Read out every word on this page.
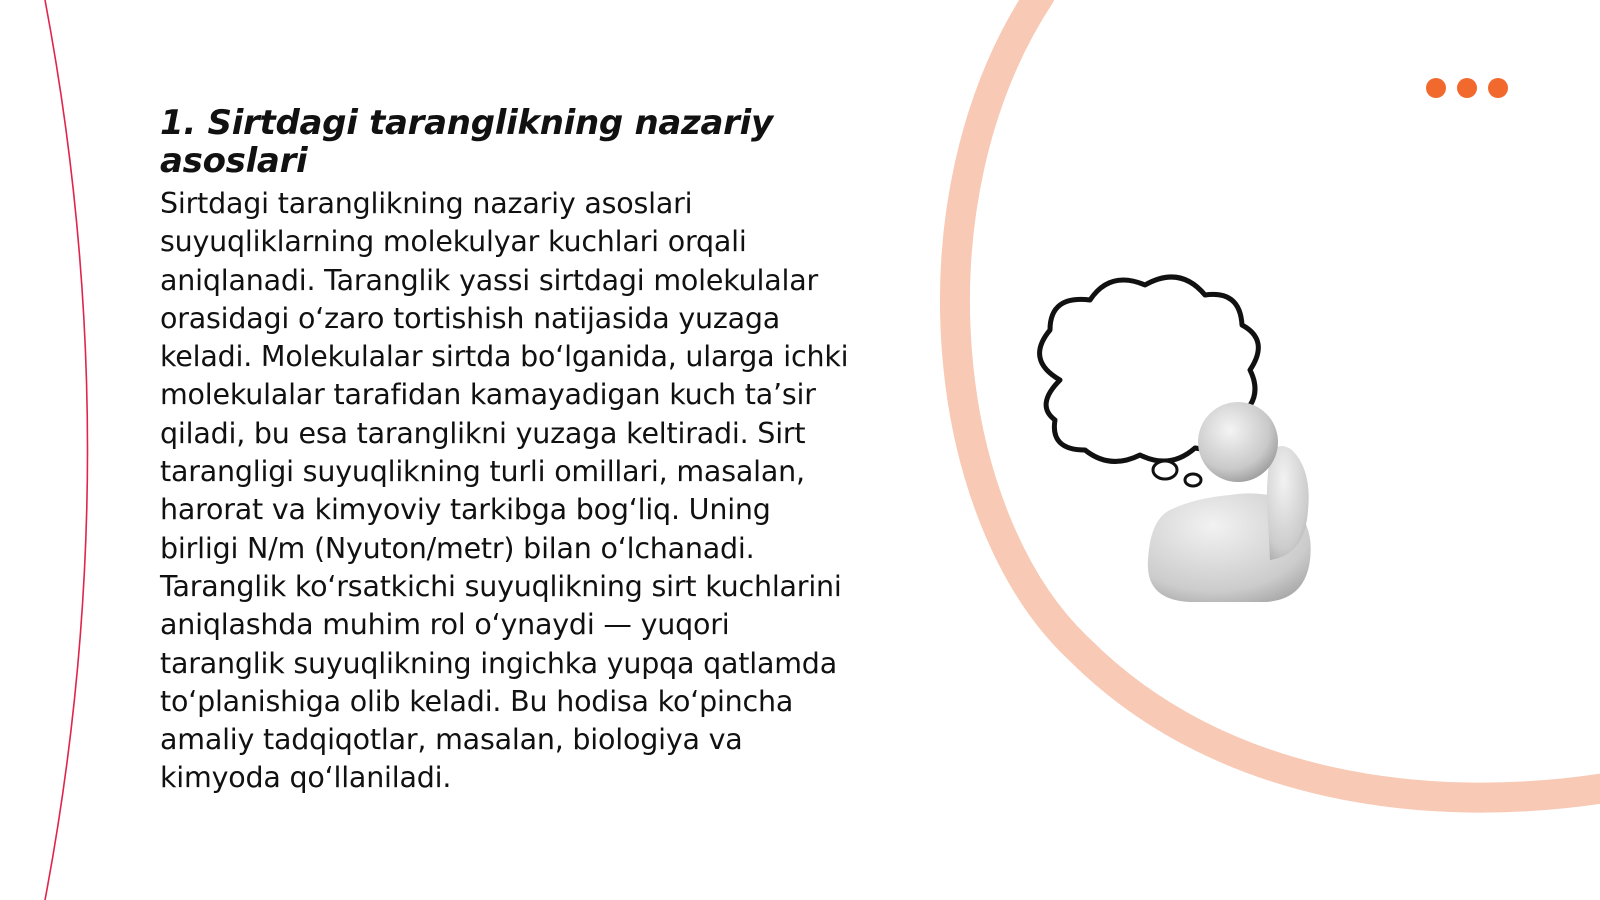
1. Sirtdagi taranglikning nazariy asoslari

Sirtdagi taranglikning nazariy asoslari suyuqliklarning molekulyar kuchlari orqali aniqlanadi. Taranglik yassi sirtdagi molekulalar orasidagi o‘zaro tortishish natijasida yuzaga keladi. Molekulalar sirtda bo‘lganida, ularga ichki molekulalar tarafidan kamayadigan kuch ta’sir qiladi, bu esa taranglikni yuzaga keltiradi. Sirt tarangligi suyuqlikning turli omillari, masalan, harorat va kimyoviy tarkibga bog‘liq. Uning birligi N/m (Nyuton/metr) bilan o‘lchanadi. Taranglik ko‘rsatkichi suyuqlikning sirt kuchlarini aniqlashda muhim rol o‘ynaydi — yuqori taranglik suyuqlikning ingichka yupqa qatlamda to‘planishiga olib keladi. Bu hodisa ko‘pincha amaliy tadqiqotlar, masalan, biologiya va kimyoda qo‘llaniladi.
